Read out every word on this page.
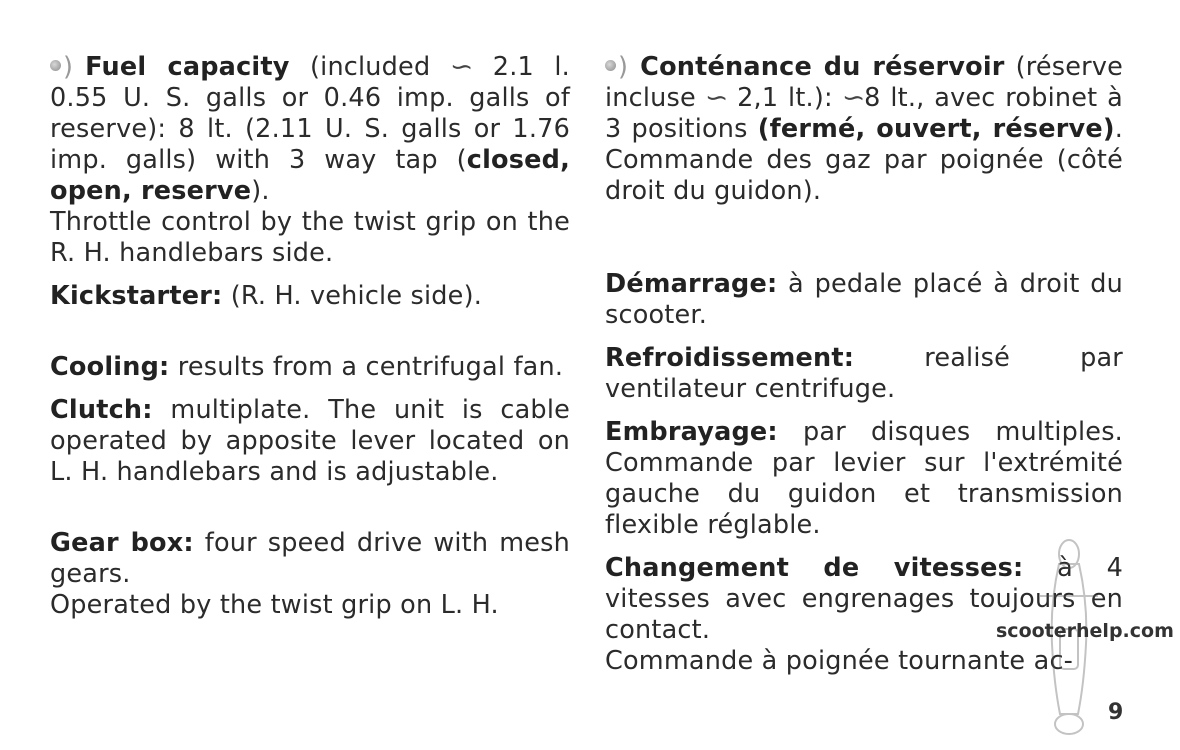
) Fuel capacity (included ∽ 2.1 l. 0.55 U. S. galls or 0.46 imp. galls of reserve): 8 lt. (2.11 U. S. galls or 1.76 imp. galls) with 3 way tap (closed, open, reserve).

Throttle control by the twist grip on the R. H. handlebars side.

Kickstarter: (R. H. vehicle side).

Cooling: results from a centrifugal fan.

Clutch: multiplate. The unit is cable operated by apposite lever located on L. H. handlebars and is adjustable.

Gear box: four speed drive with mesh gears.

Operated by the twist grip on L. H.

) Conténance du réservoir (réserve incluse ∽ 2,1 lt.): ∽8 lt., avec robinet à 3 positions (fermé, ouvert, réserve). Commande des gaz par poignée (côté droit du guidon).

Démarrage: à pedale placé à droit du scooter.

Refroidissement: realisé par ventilateur centrifuge.

Embrayage: par disques multiples. Commande par levier sur l'extrémité gauche du guidon et transmission flexible réglable.

Changement de vitesses: à 4 vitesses avec engrenages toujours en contact.

Commande à poignée tournante ac-

scooterhelp.com
9
